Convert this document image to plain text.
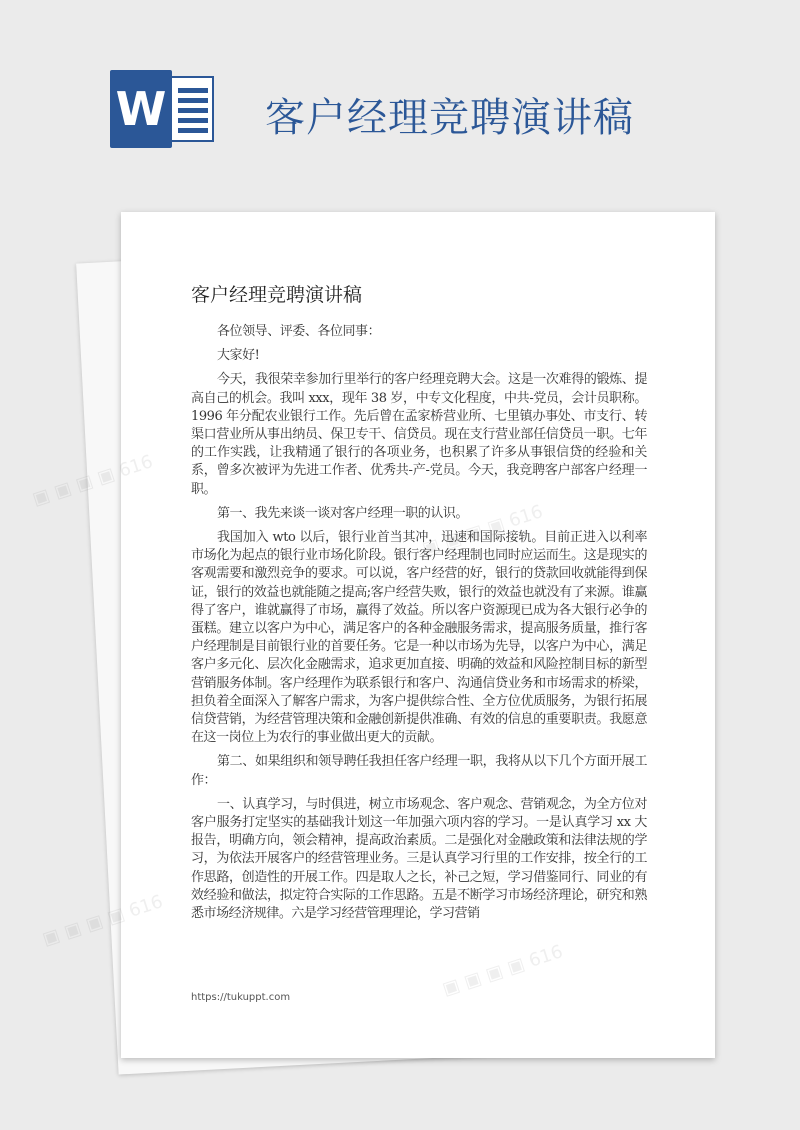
W 客户经理竞聘演讲稿
客户经理竞聘演讲稿

各位领导、评委、各位同事：

大家好!

今天，我很荣幸参加行里举行的客户经理竞聘大会。这是一次难得的锻炼、提高自己的机会。我叫 xxx，现年 38 岁，中专文化程度，中共-党员，会计员职称。1996 年分配农业银行工作。先后曾在孟家桥营业所、七里镇办事处、市支行、转渠口营业所从事出纳员、保卫专干、信贷员。现在支行营业部任信贷员一职。七年的工作实践，让我精通了银行的各项业务，也积累了许多从事银信贷的经验和关系，曾多次被评为先进工作者、优秀共-产-党员。今天，我竞聘客户部客户经理一职。

第一、我先来谈一谈对客户经理一职的认识。

我国加入 wto 以后，银行业首当其冲，迅速和国际接轨。目前正进入以利率市场化为起点的银行业市场化阶段。银行客户经理制也同时应运而生。这是现实的客观需要和激烈竞争的要求。可以说，客户经营的好，银行的贷款回收就能得到保证，银行的效益也就能随之提高;客户经营失败，银行的效益也就没有了来源。谁赢得了客户，谁就赢得了市场，赢得了效益。所以客户资源现已成为各大银行必争的蛋糕。建立以客户为中心，满足客户的各种金融服务需求，提高服务质量，推行客户经理制是目前银行业的首要任务。它是一种以市场为先导，以客户为中心，满足客户多元化、层次化金融需求，追求更加直接、明确的效益和风险控制目标的新型营销服务体制。客户经理作为联系银行和客户、沟通信贷业务和市场需求的桥梁，担负着全面深入了解客户需求，为客户提供综合性、全方位优质服务，为银行拓展信贷营销，为经营管理决策和金融创新提供准确、有效的信息的重要职责。我愿意在这一岗位上为农行的事业做出更大的贡献。

第二、如果组织和领导聘任我担任客户经理一职，我将从以下几个方面开展工作：

一、认真学习，与时俱进，树立市场观念、客户观念、营销观念，为全方位对客户服务打定坚实的基础我计划这一年加强六项内容的学习。一是认真学习 xx 大报告，明确方向，领会精神，提高政治素质。二是强化对金融政策和法律法规的学习，为依法开展客户的经营管理业务。三是认真学习行里的工作安排，按全行的工作思路，创造性的开展工作。四是取人之长，补己之短，学习借鉴同行、同业的有效经验和做法，拟定符合实际的工作思路。五是不断学习市场经济理论，研究和熟悉市场经济规律。六是学习经营管理理论，学习营销

https://tukuppt.com
▣ ▣ ▣
▣ ▣ ▣ ▣ 616
